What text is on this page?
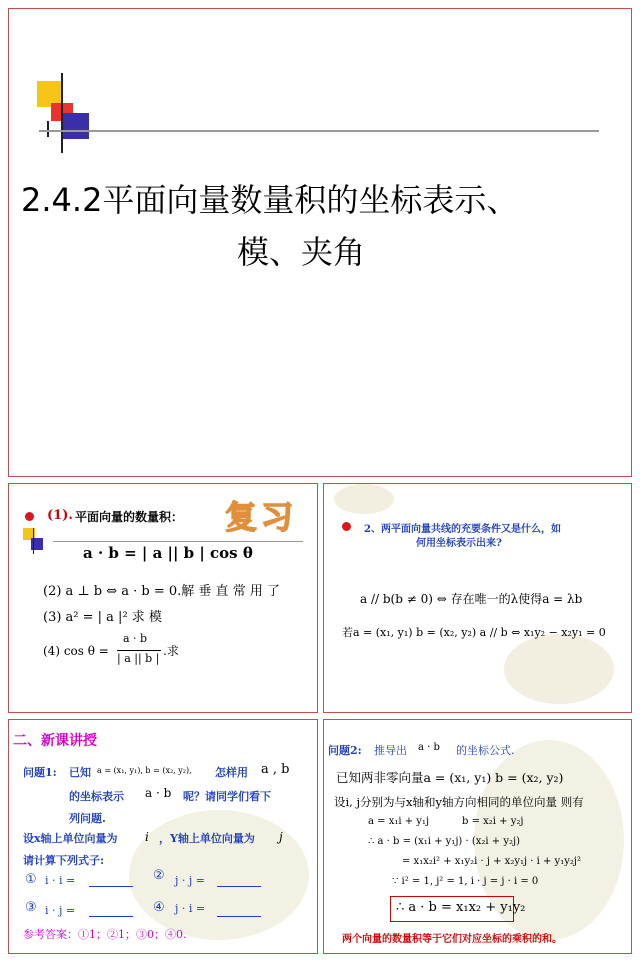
2.4.2平面向量数量积的坐标表示、
模、夹角
(1). 平面向量的数量积： 复习
a · b = | a || b | cos θ
(2) a ⊥ b ⇔ a · b = 0.解 垂 直 常 用 了
(3) a² = | a |² 求 模
(4) cos θ =
a · b
| a || b |
.求
2、两平面向量共线的充要条件又是什么，如
何用坐标表示出来?
a // b(b ≠ 0) ⇔ 存在唯一的λ使得a = λb
若a = (x₁, y₁) b = (x₂, y₂) a // b ⇔ x₁y₂ − x₂y₁ = 0
二、新课讲授
问题1: 已知 a = (x₁, y₁), b = (x₂, y₂), 怎样用 a , b
的坐标表示 a · b 呢？请同学们看下
列问题.
设x轴上单位向量为 i ，Y轴上单位向量为 j
请计算下列式子:
① i · i =	② j · j =
③ i · j =	④ j · i =
参考答案：①1；②1；③0；④0.
问题2: 推导出 a · b 的坐标公式.
已知两非零向量a = (x₁, y₁) b = (x₂, y₂)
设i, j分别为与x轴和y轴方向相同的单位向量 则有
a = x₁i + y₁j	b = x₂i + y₂j
∴ a · b = (x₁i + y₁j) · (x₂i + y₂j)
= x₁x₂i² + x₁y₂i · j + x₂y₁j · i + y₁y₂j²
∵ i² = 1, j² = 1, i · j = j · i = 0
∴ a · b = x₁x₂ + y₁y₂
两个向量的数量积等于它们对应坐标的乘积的和。
